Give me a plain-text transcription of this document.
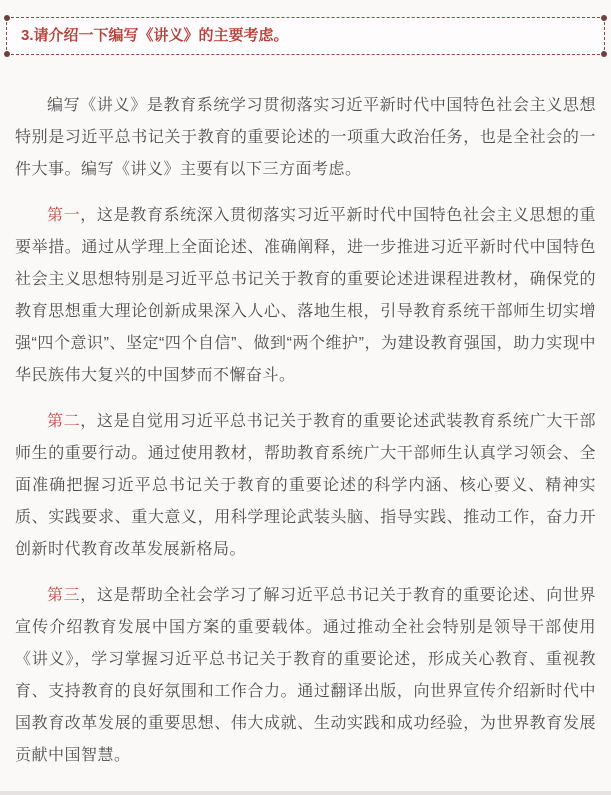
3.请介绍一下编写《讲义》的主要考虑。

编写《讲义》是教育系统学习贯彻落实习近平新时代中国特色社会主义思想特别是习近平总书记关于教育的重要论述的一项重大政治任务，也是全社会的一件大事。编写《讲义》主要有以下三方面考虑。

第一，这是教育系统深入贯彻落实习近平新时代中国特色社会主义思想的重要举措。通过从学理上全面论述、准确阐释，进一步推进习近平新时代中国特色社会主义思想特别是习近平总书记关于教育的重要论述进课程进教材，确保党的教育思想重大理论创新成果深入人心、落地生根，引导教育系统干部师生切实增强“四个意识”、坚定“四个自信”、做到“两个维护”，为建设教育强国，助力实现中华民族伟大复兴的中国梦而不懈奋斗。

第二，这是自觉用习近平总书记关于教育的重要论述武装教育系统广大干部师生的重要行动。通过使用教材，帮助教育系统广大干部师生认真学习领会、全面准确把握习近平总书记关于教育的重要论述的科学内涵、核心要义、精神实质、实践要求、重大意义，用科学理论武装头脑、指导实践、推动工作，奋力开创新时代教育改革发展新格局。

第三，这是帮助全社会学习了解习近平总书记关于教育的重要论述、向世界宣传介绍教育发展中国方案的重要载体。通过推动全社会特别是领导干部使用《讲义》，学习掌握习近平总书记关于教育的重要论述，形成关心教育、重视教育、支持教育的良好氛围和工作合力。通过翻译出版，向世界宣传介绍新时代中国教育改革发展的重要思想、伟大成就、生动实践和成功经验，为世界教育发展贡献中国智慧。
